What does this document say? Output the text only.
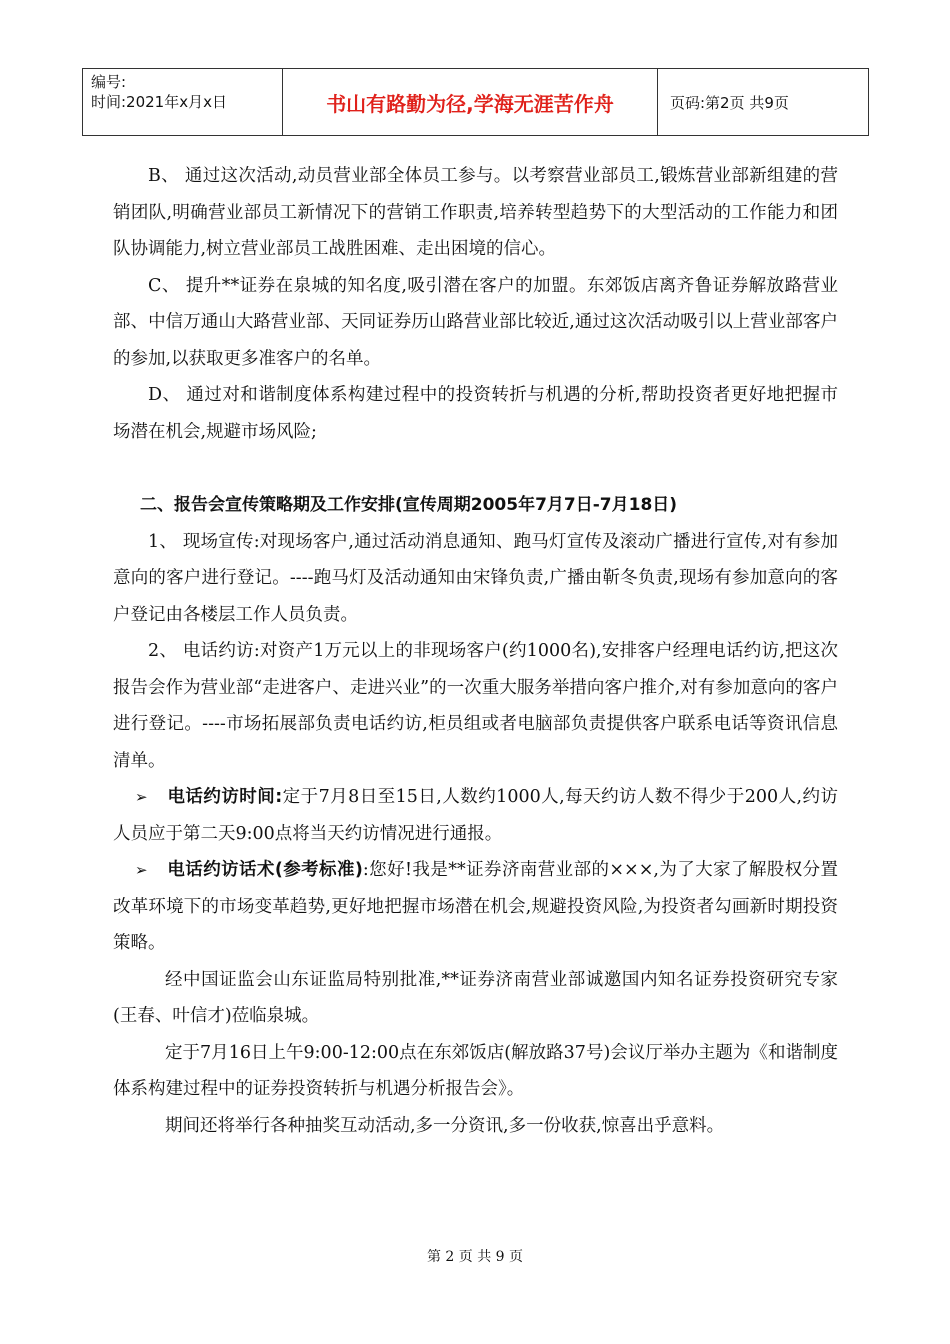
编号:
时间:2021年x月x日	书山有路勤为径,学海无涯苦作舟	页码:第2页 共9页

B、 通过这次活动,动员营业部全体员工参与。以考察营业部员工,锻炼营业部新组建的营销团队,明确营业部员工新情况下的营销工作职责,培养转型趋势下的大型活动的工作能力和团队协调能力,树立营业部员工战胜困难、走出困境的信心。

C、 提升**证券在泉城的知名度,吸引潜在客户的加盟。东郊饭店离齐鲁证券解放路营业部、中信万通山大路营业部、天同证券历山路营业部比较近,通过这次活动吸引以上营业部客户的参加,以获取更多准客户的名单。

D、 通过对和谐制度体系构建过程中的投资转折与机遇的分析,帮助投资者更好地把握市场潜在机会,规避市场风险;

二、报告会宣传策略期及工作安排(宣传周期2005年7月7日-7月18日)

1、 现场宣传:对现场客户,通过活动消息通知、跑马灯宣传及滚动广播进行宣传,对有参加意向的客户进行登记。----跑马灯及活动通知由宋锋负责,广播由靳冬负责,现场有参加意向的客户登记由各楼层工作人员负责。

2、 电话约访:对资产1万元以上的非现场客户(约1000名),安排客户经理电话约访,把这次报告会作为营业部“走进客户、走进兴业”的一次重大服务举措向客户推介,对有参加意向的客户进行登记。----市场拓展部负责电话约访,柜员组或者电脑部负责提供客户联系电话等资讯信息清单。

➢ 电话约访时间:定于7月8日至15日,人数约1000人,每天约访人数不得少于200人,约访人员应于第二天9:00点将当天约访情况进行通报。

➢ 电话约访话术(参考标准):您好!我是**证券济南营业部的×××,为了大家了解股权分置改革环境下的市场变革趋势,更好地把握市场潜在机会,规避投资风险,为投资者勾画新时期投资策略。

经中国证监会山东证监局特别批准,**证券济南营业部诚邀国内知名证券投资研究专家(王春、叶信才)莅临泉城。

定于7月16日上午9:00-12:00点在东郊饭店(解放路37号)会议厅举办主题为《和谐制度体系构建过程中的证券投资转折与机遇分析报告会》。

期间还将举行各种抽奖互动活动,多一分资讯,多一份收获,惊喜出乎意料。

第 2 页 共 9 页
